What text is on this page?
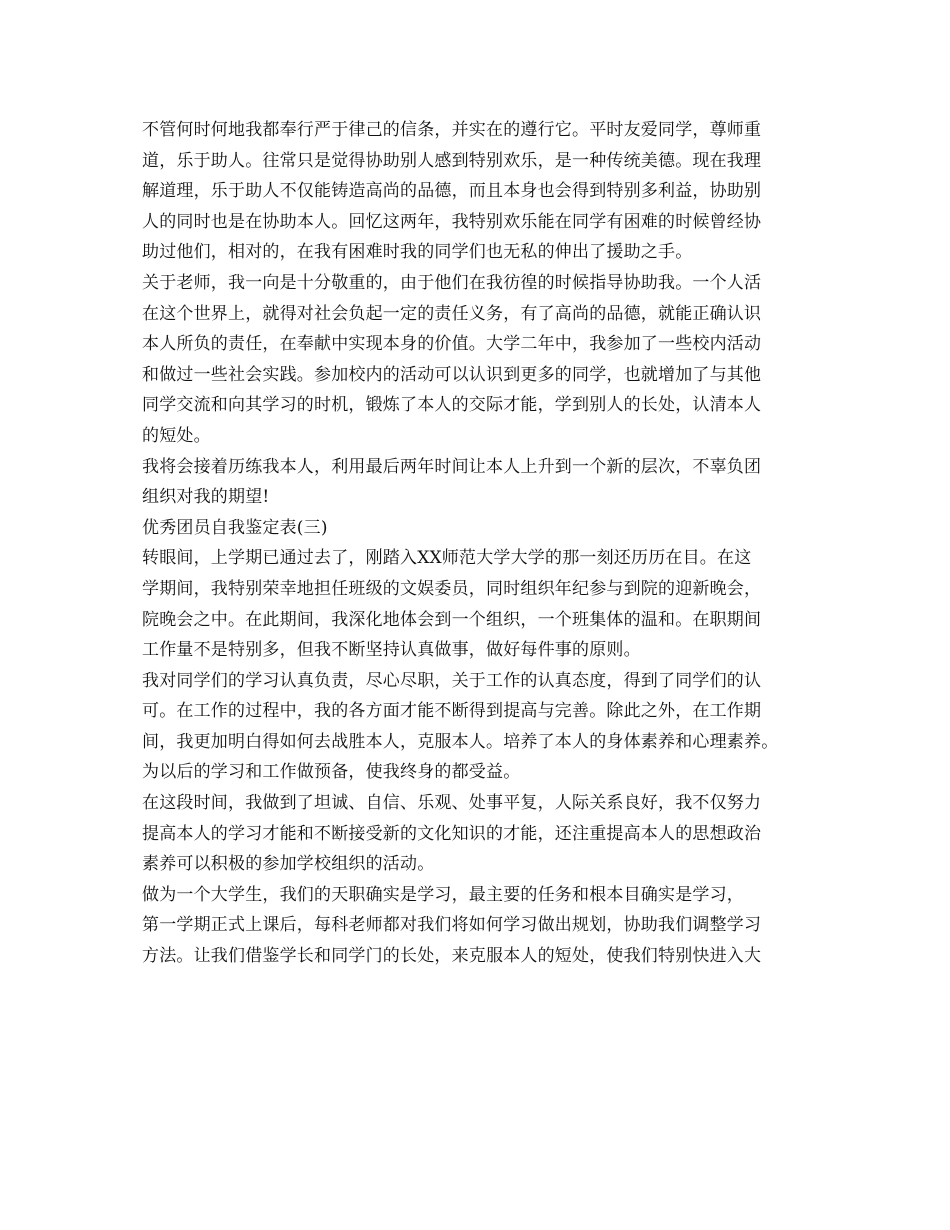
不管何时何地我都奉行严于律己的信条，并实在的遵行它。平时友爱同学，尊师重
道，乐于助人。往常只是觉得协助别人感到特别欢乐，是一种传统美德。现在我理
解道理，乐于助人不仅能铸造高尚的品德，而且本身也会得到特别多利益，协助别
人的同时也是在协助本人。回忆这两年，我特别欢乐能在同学有困难的时候曾经协
助过他们，相对的，在我有困难时我的同学们也无私的伸出了援助之手。
关于老师，我一向是十分敬重的，由于他们在我彷徨的时候指导协助我。一个人活
在这个世界上，就得对社会负起一定的责任义务，有了高尚的品德，就能正确认识
本人所负的责任，在奉献中实现本身的价值。大学二年中，我参加了一些校内活动
和做过一些社会实践。参加校内的活动可以认识到更多的同学，也就增加了与其他
同学交流和向其学习的时机，锻炼了本人的交际才能，学到别人的长处，认清本人
的短处。
我将会接着历练我本人，利用最后两年时间让本人上升到一个新的层次，不辜负团
组织对我的期望!
优秀团员自我鉴定表(三)
转眼间，上学期已通过去了，刚踏入XX师范大学大学的那一刻还历历在目。在这
学期间，我特别荣幸地担任班级的文娱委员，同时组织年纪参与到院的迎新晚会，
院晚会之中。在此期间，我深化地体会到一个组织，一个班集体的温和。在职期间
工作量不是特别多，但我不断坚持认真做事，做好每件事的原则。
我对同学们的学习认真负责，尽心尽职，关于工作的认真态度，得到了同学们的认
可。在工作的过程中，我的各方面才能不断得到提高与完善。除此之外，在工作期
间，我更加明白得如何去战胜本人，克服本人。培养了本人的身体素养和心理素养。
为以后的学习和工作做预备，使我终身的都受益。
在这段时间，我做到了坦诚、自信、乐观、处事平复，人际关系良好，我不仅努力
提高本人的学习才能和不断接受新的文化知识的才能，还注重提高本人的思想政治
素养可以积极的参加学校组织的活动。
做为一个大学生，我们的天职确实是学习，最主要的任务和根本目确实是学习，
第一学期正式上课后，每科老师都对我们将如何学习做出规划，协助我们调整学习
方法。让我们借鉴学长和同学门的长处，来克服本人的短处，使我们特别快进入大
